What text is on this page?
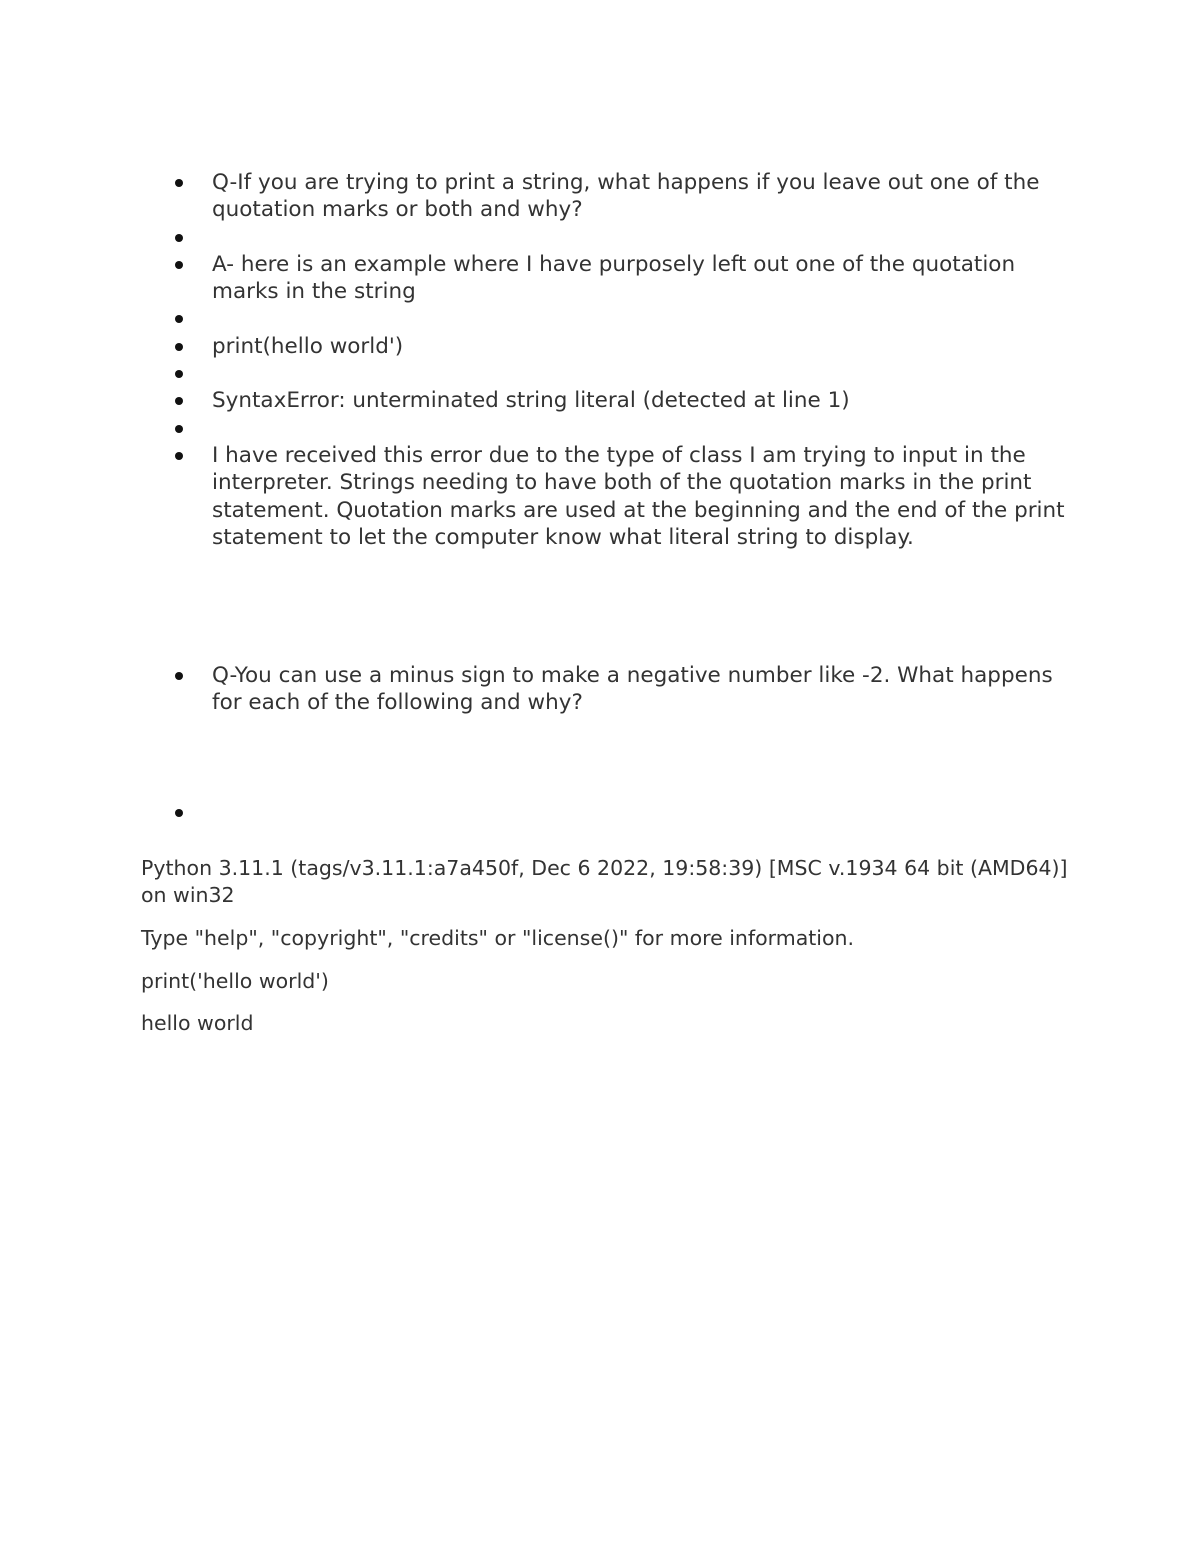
Q-If you are trying to print a string, what happens if you leave out one of the quotation marks or both and why?
A- here is an example where I have purposely left out one of the quotation marks in the string
print(hello world')
SyntaxError: unterminated string literal (detected at line 1)
I have received this error due to the type of class I am trying to input in the interpreter. Strings needing to have both of the quotation marks in the print statement. Quotation marks are used at the beginning and the end of the print statement to let the computer know what literal string to display.
Q-You can use a minus sign to make a negative number like -2. What happens for each of the following and why?

Python 3.11.1 (tags/v3.11.1:a7a450f, Dec 6 2022, 19:58:39) [MSC v.1934 64 bit (AMD64)] on win32

Type "help", "copyright", "credits" or "license()" for more information.

print('hello world')

hello world
